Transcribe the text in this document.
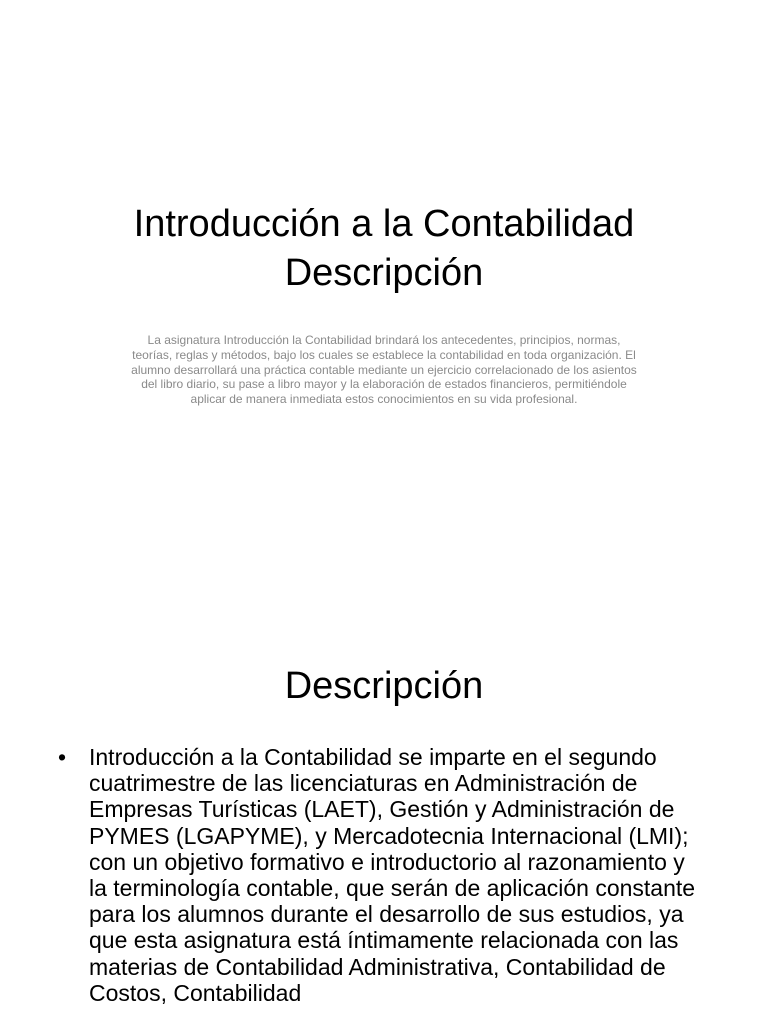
Introducción a la Contabilidad
Descripción

La asignatura Introducción la Contabilidad brindará los antecedentes, principios, normas, teorías, reglas y métodos, bajo los cuales se establece la contabilidad en toda organización. El alumno desarrollará una práctica contable mediante un ejercicio correlacionado de los asientos del libro diario, su pase a libro mayor y la elaboración de estados financieros, permitiéndole aplicar de manera inmediata estos conocimientos en su vida profesional.

Descripción
• Introducción a la Contabilidad se imparte en el segundo cuatrimestre de las licenciaturas en Administración de Empresas Turísticas (LAET), Gestión y Administración de PYMES (LGAPYME), y Mercadotecnia Internacional (LMI); con un objetivo formativo e introductorio al razonamiento y la terminología contable, que serán de aplicación constante para los alumnos durante el desarrollo de sus estudios, ya que esta asignatura está íntimamente relacionada con las materias de Contabilidad Administrativa, Contabilidad de Costos, Contabilidad
